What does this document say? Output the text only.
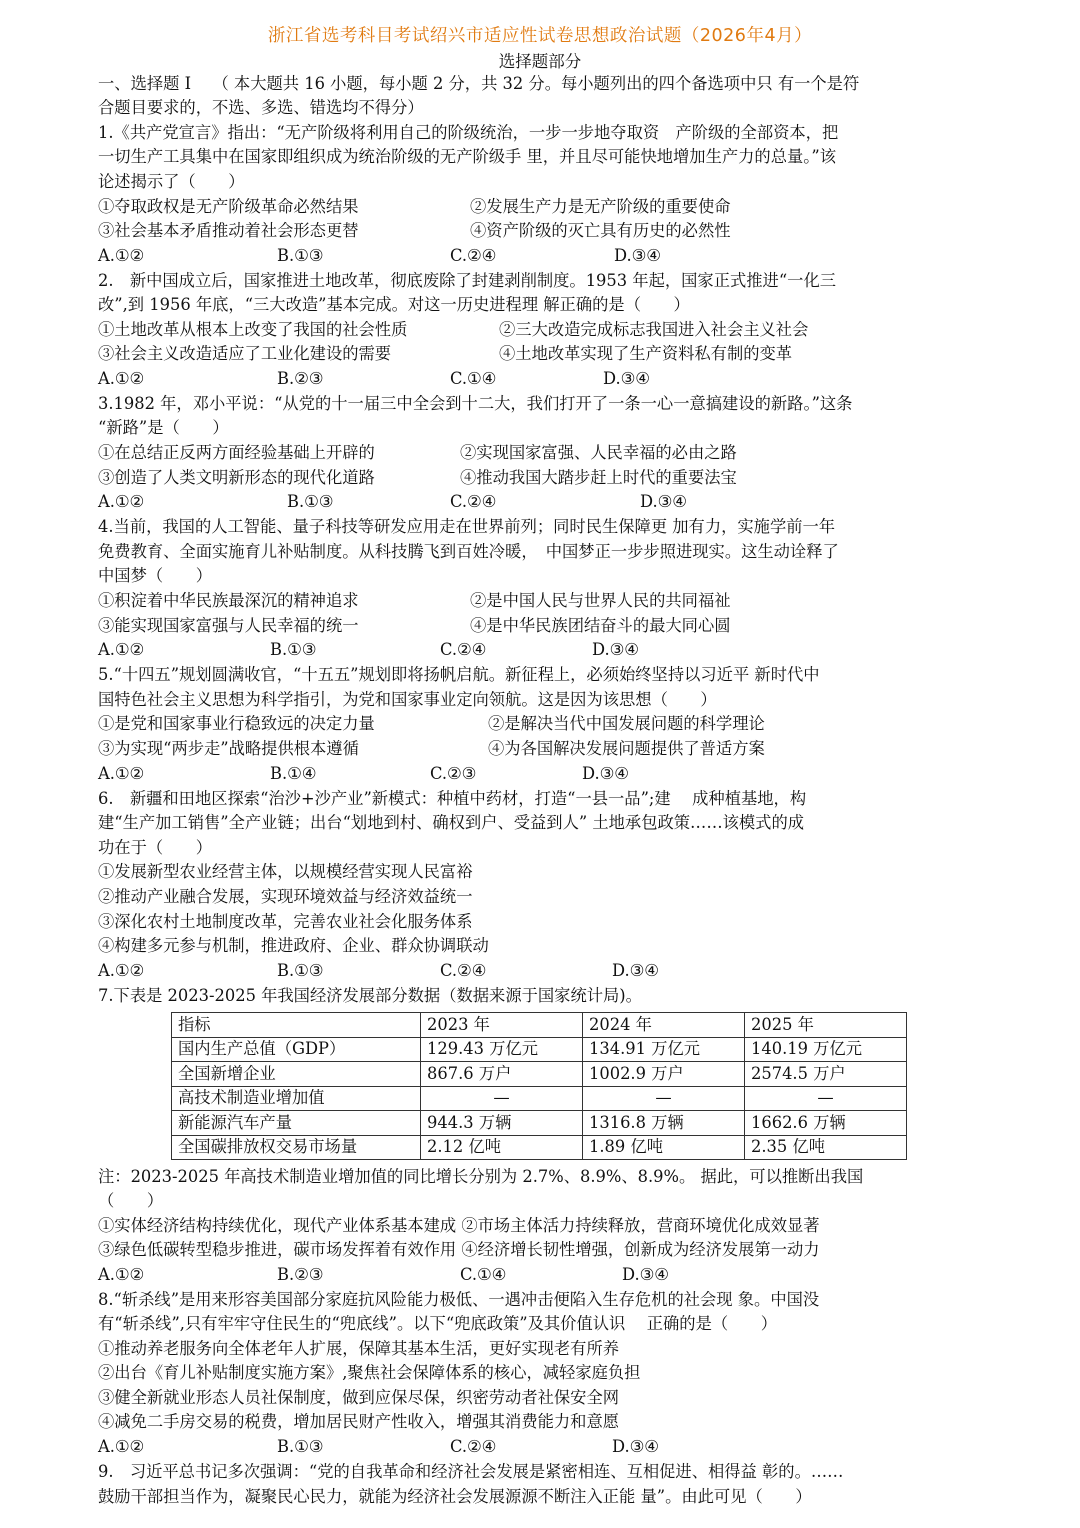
浙江省选考科目考试绍兴市适应性试卷思想政治试题（2026年4月）
选择题部分
一、选择题 I　 （ 本大题共 16 小题，每小题 2 分，共 32 分。每小题列出的四个备选项中只 有一个是符
合题目要求的，不选、多选、错选均不得分）
1.《共产党宣言》指出：“无产阶级将利用自己的阶级统治，一步一步地夺取资　产阶级的全部资本，把
一切生产工具集中在国家即组织成为统治阶级的无产阶级手 里，并且尽可能快地增加生产力的总量。”该
论述揭示了（　　）
①夺取政权是无产阶级革命必然结果	②发展生产力是无产阶级的重要使命
③社会基本矛盾推动着社会形态更替	④资产阶级的灭亡具有历史的必然性
A.①②	B.①③	C.②④	D.③④
2.　新中国成立后，国家推进土地改革，彻底废除了封建剥削制度。1953 年起，国家正式推进“一化三
改”,到 1956 年底，“三大改造”基本完成。对这一历史进程理 解正确的是（　　）
①土地改革从根本上改变了我国的社会性质	②三大改造完成标志我国进入社会主义社会
③社会主义改造适应了工业化建设的需要	④土地改革实现了生产资料私有制的变革
A.①②	B.②③	C.①④	D.③④
3.1982 年，邓小平说：“从党的十一届三中全会到十二大，我们打开了一条一心一意搞建设的新路。”这条
“新路”是（　　）
①在总结正反两方面经验基础上开辟的	②实现国家富强、人民幸福的必由之路
③创造了人类文明新形态的现代化道路	④推动我国大踏步赶上时代的重要法宝
A.①②	B.①③	C.②④	D.③④
4.当前，我国的人工智能、量子科技等研发应用走在世界前列；同时民生保障更 加有力，实施学前一年
免费教育、全面实施育儿补贴制度。从科技腾飞到百姓冷暖，　中国梦正一步步照进现实。这生动诠释了
中国梦（　　）
①积淀着中华民族最深沉的精神追求	②是中国人民与世界人民的共同福祉
③能实现国家富强与人民幸福的统一	④是中华民族团结奋斗的最大同心圆
A.①②	B.①③	C.②④	D.③④
5.“十四五”规划圆满收官，“十五五”规划即将扬帆启航。新征程上，必须始终坚持以习近平 新时代中
国特色社会主义思想为科学指引，为党和国家事业定向领航。这是因为该思想（　　）
①是党和国家事业行稳致远的决定力量	②是解决当代中国发展问题的科学理论
③为实现“两步走”战略提供根本遵循	④为各国解决发展问题提供了普适方案
A.①②	B.①④	C.②③	D.③④
6.　新疆和田地区探索“治沙+沙产业”新模式：种植中药材，打造“一县一品”;建　 成种植基地，构
建“生产加工销售”全产业链；出台“划地到村、确权到户、受益到人” 土地承包政策……该模式的成
功在于（　　）
①发展新型农业经营主体，以规模经营实现人民富裕
②推动产业融合发展，实现环境效益与经济效益统一
③深化农村土地制度改革，完善农业社会化服务体系
④构建多元参与机制，推进政府、企业、群众协调联动
A.①②	B.①③	C.②④	D.③④
7.下表是 2023-2025 年我国经济发展部分数据（数据来源于国家统计局)。
指标	2023 年	2024 年	2025 年
国内生产总值（GDP）	129.43 万亿元	134.91 万亿元	140.19 万亿元
全国新增企业	867.6 万户	1002.9 万户	2574.5 万户
高技术制造业增加值	—	—	—
新能源汽车产量	944.3 万辆	1316.8 万辆	1662.6 万辆
全国碳排放权交易市场量	2.12 亿吨	1.89 亿吨	2.35 亿吨
注：2023-2025 年高技术制造业增加值的同比增长分别为 2.7%、8.9%、8.9%。 据此，可以推断出我国
（　　）
①实体经济结构持续优化，现代产业体系基本建成 ②市场主体活力持续释放，营商环境优化成效显著
③绿色低碳转型稳步推进，碳市场发挥着有效作用 ④经济增长韧性增强，创新成为经济发展第一动力
A.①②	B.②③	C.①④	D.③④
8.“斩杀线”是用来形容美国部分家庭抗风险能力极低、一遇冲击便陷入生存危机的社会现 象。中国没
有“斩杀线”,只有牢牢守住民生的“兜底线”。以下“兜底政策”及其价值认识　 正确的是（　　）
①推动养老服务向全体老年人扩展，保障其基本生活，更好实现老有所养
②出台《育儿补贴制度实施方案》,聚焦社会保障体系的核心，减轻家庭负担
③健全新就业形态人员社保制度，做到应保尽保，织密劳动者社保安全网
④减免二手房交易的税费，增加居民财产性收入，增强其消费能力和意愿
A.①②	B.①③	C.②④	D.③④
9.　习近平总书记多次强调：“党的自我革命和经济社会发展是紧密相连、互相促进、相得益 彰的。……
鼓励干部担当作为，凝聚民心民力，就能为经济社会发展源源不断注入正能 量”。由此可见（　　）
